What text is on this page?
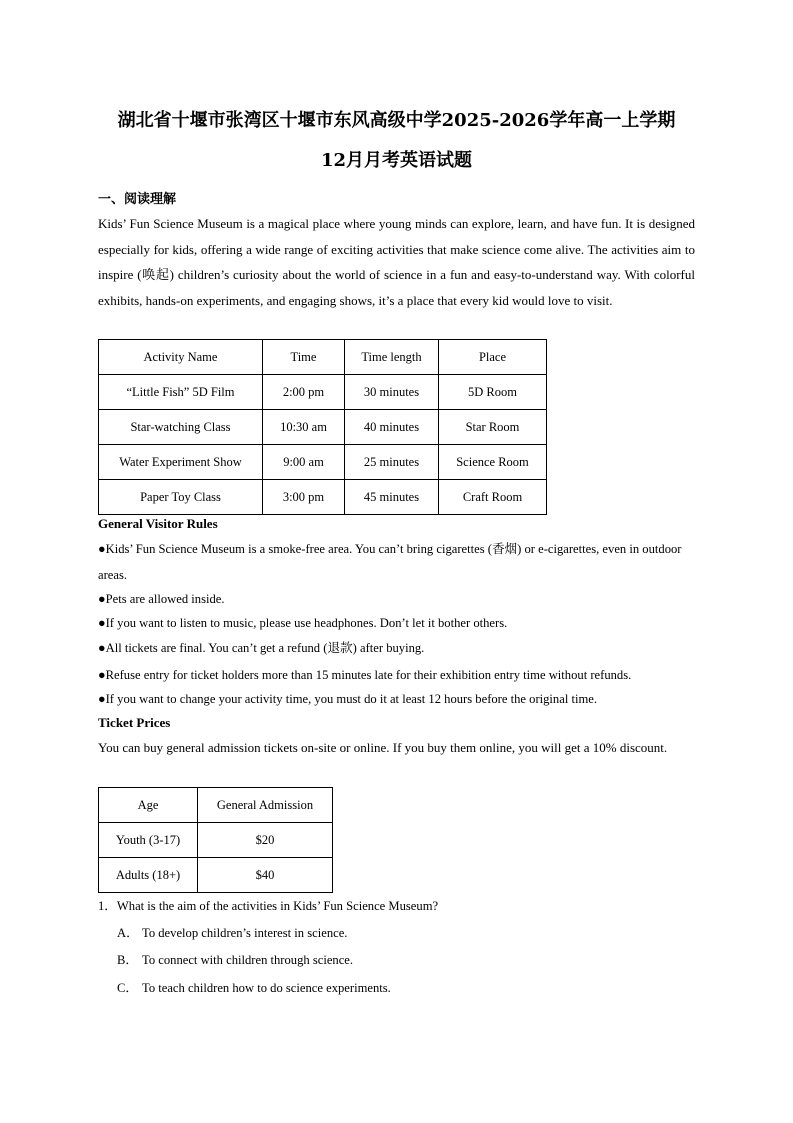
湖北省十堰市张湾区十堰市东风高级中学2025-2026学年高一上学期
12月月考英语试题
一、阅读理解
Kids’ Fun Science Museum is a magical place where young minds can explore, learn, and have fun. It is designed especially for kids, offering a wide range of exciting activities that make science come alive. The activities aim to inspire (唤起) children’s curiosity about the world of science in a fun and easy-to-understand way. With colorful exhibits, hands-on experiments, and engaging shows, it’s a place that every kid would love to visit.
Activity Name	Time	Time length	Place
“Little Fish” 5D Film	2:00 pm	30 minutes	5D Room
Star-watching Class	10:30 am	40 minutes	Star Room
Water Experiment Show	9:00 am	25 minutes	Science Room
Paper Toy Class	3:00 pm	45 minutes	Craft Room
General Visitor Rules
●Kids’ Fun Science Museum is a smoke-free area. You can’t bring cigarettes (香烟) or e-cigarettes, even in outdoor areas.
●Pets are allowed inside.
●If you want to listen to music, please use headphones. Don’t let it bother others.
●All tickets are final. You can’t get a refund (退款) after buying.
●Refuse entry for ticket holders more than 15 minutes late for their exhibition entry time without refunds.
●If you want to change your activity time, you must do it at least 12 hours before the original time.
Ticket Prices
You can buy general admission tickets on-site or online. If you buy them online, you will get a 10% discount.
Age	General Admission
Youth (3-17)	$20
Adults (18+)	$40
1．What is the aim of the activities in Kids’ Fun Science Museum?
A． To develop children’s interest in science.
B． To connect with children through science.
C． To teach children how to do science experiments.
